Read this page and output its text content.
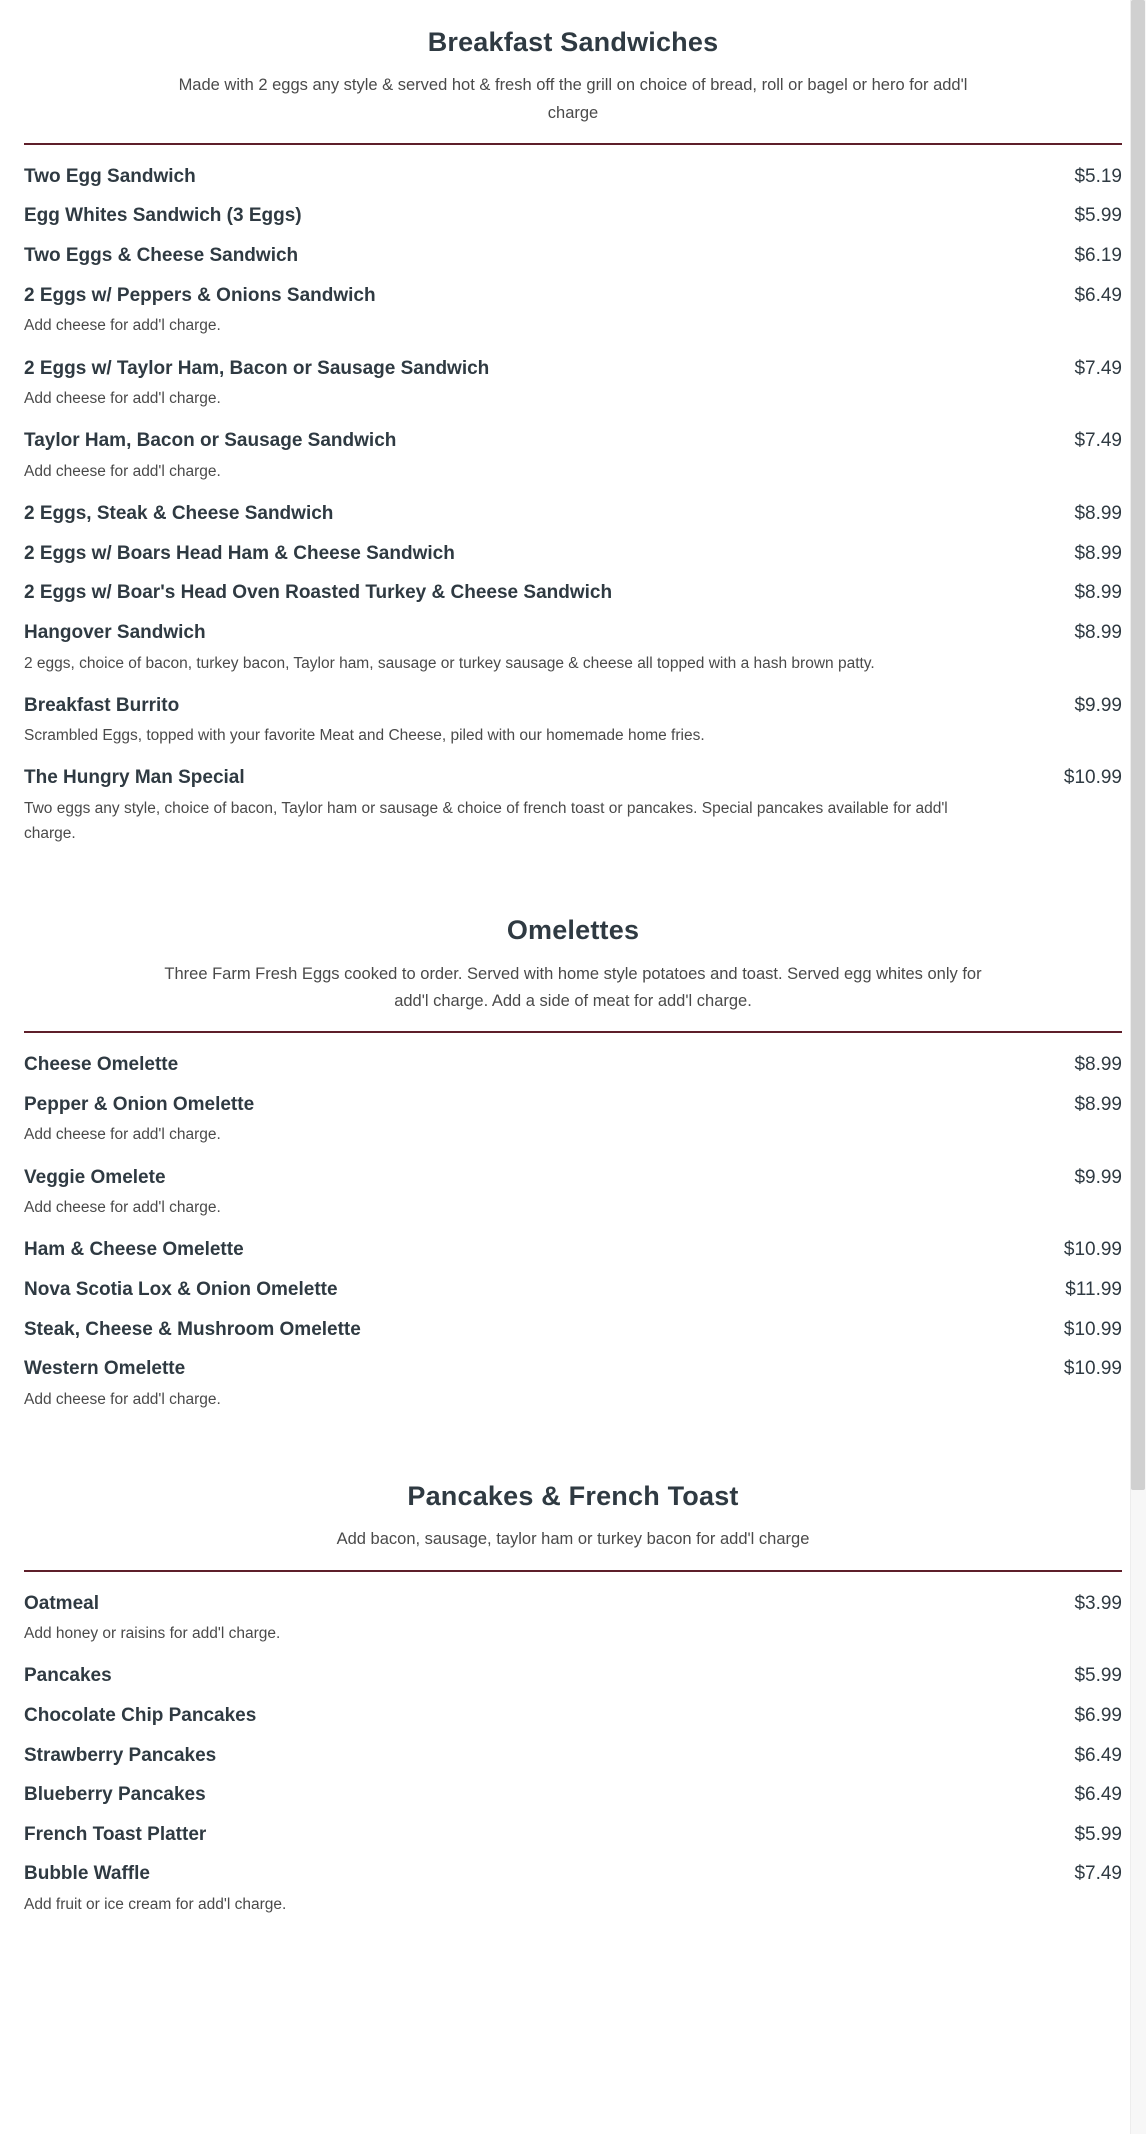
Breakfast Sandwiches

Made with 2 eggs any style & served hot & fresh off the grill on choice of bread, roll or bagel or hero for add'l charge

Two Egg Sandwich	$5.19
Egg Whites Sandwich (3 Eggs)	$5.99
Two Eggs & Cheese Sandwich	$6.19
2 Eggs w/ Peppers & Onions Sandwich	$6.49
Add cheese for add'l charge.
2 Eggs w/ Taylor Ham, Bacon or Sausage Sandwich	$7.49
Add cheese for add'l charge.
Taylor Ham, Bacon or Sausage Sandwich	$7.49
Add cheese for add'l charge.
2 Eggs, Steak & Cheese Sandwich	$8.99
2 Eggs w/ Boars Head Ham & Cheese Sandwich	$8.99
2 Eggs w/ Boar's Head Oven Roasted Turkey & Cheese Sandwich	$8.99
Hangover Sandwich	$8.99
2 eggs, choice of bacon, turkey bacon, Taylor ham, sausage or turkey sausage & cheese all topped with a hash brown patty.
Breakfast Burrito	$9.99
Scrambled Eggs, topped with your favorite Meat and Cheese, piled with our homemade home fries.
The Hungry Man Special	$10.99
Two eggs any style, choice of bacon, Taylor ham or sausage & choice of french toast or pancakes. Special pancakes available for add'l charge.
Omelettes

Three Farm Fresh Eggs cooked to order. Served with home style potatoes and toast. Served egg whites only for add'l charge. Add a side of meat for add'l charge.

Cheese Omelette	$8.99
Pepper & Onion Omelette	$8.99
Add cheese for add'l charge.
Veggie Omelete	$9.99
Add cheese for add'l charge.
Ham & Cheese Omelette	$10.99
Nova Scotia Lox & Onion Omelette	$11.99
Steak, Cheese & Mushroom Omelette	$10.99
Western Omelette	$10.99
Add cheese for add'l charge.
Pancakes & French Toast

Add bacon, sausage, taylor ham or turkey bacon for add'l charge

Oatmeal	$3.99
Add honey or raisins for add'l charge.
Pancakes	$5.99
Chocolate Chip Pancakes	$6.99
Strawberry Pancakes	$6.49
Blueberry Pancakes	$6.49
French Toast Platter	$5.99
Bubble Waffle	$7.49
Add fruit or ice cream for add'l charge.
